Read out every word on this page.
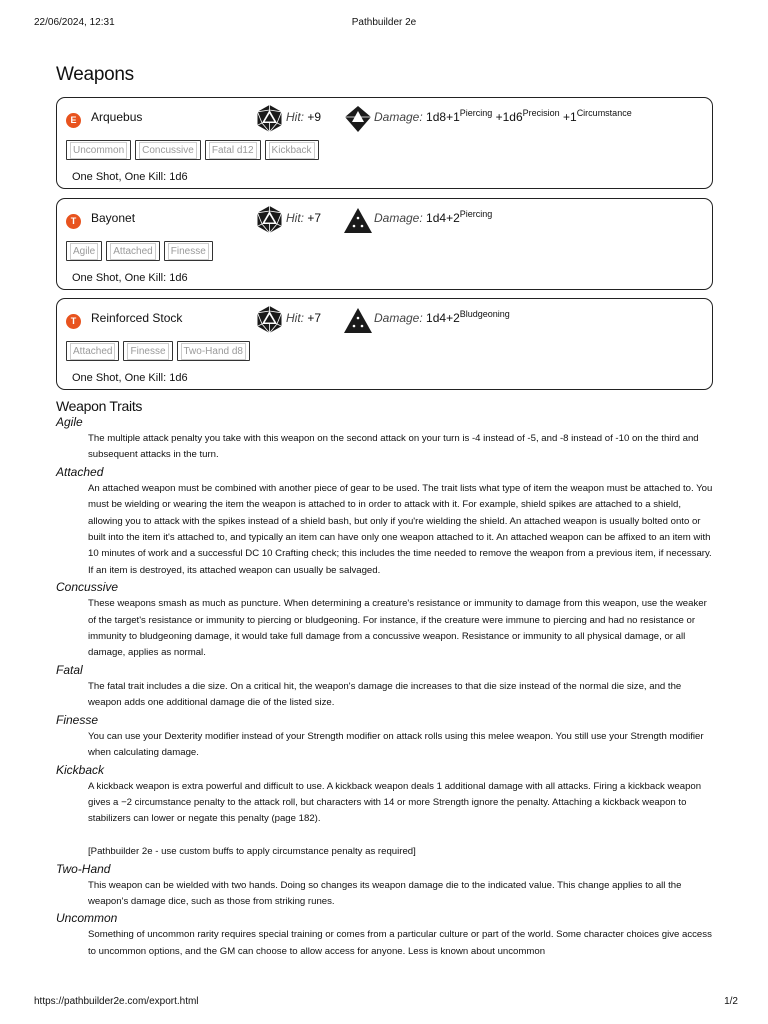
22/06/2024, 12:31	Pathbuilder 2e
Weapons
E	Arquebus	Hit: +9	Damage: $1d8+1^{Piercing} +1d6^{Precision} +1^{Circumstance}$
Uncommon	Concussive	Fatal d12	Kickback
One Shot, One Kill: 1d6
T	Bayonet	Hit: +7	Damage: $1d4+2^{Piercing}$
Agile	Attached	Finesse
One Shot, One Kill: 1d6
T	Reinforced Stock	Hit: +7	Damage: $1d4+2^{Bludgeoning}$
Attached	Finesse	Two-Hand d8
One Shot, One Kill: 1d6
Weapon Traits
Agile

The multiple attack penalty you take with this weapon on the second attack on your turn is -4 instead of -5, and -8 instead of -10 on the third and subsequent attacks in the turn.

Attached

An attached weapon must be combined with another piece of gear to be used. The trait lists what type of item the weapon must be attached to. You must be wielding or wearing the item the weapon is attached to in order to attack with it. For example, shield spikes are attached to a shield, allowing you to attack with the spikes instead of a shield bash, but only if you're wielding the shield. An attached weapon is usually bolted onto or built into the item it's attached to, and typically an item can have only one weapon attached to it. An attached weapon can be affixed to an item with 10 minutes of work and a successful DC 10 Crafting check; this includes the time needed to remove the weapon from a previous item, if necessary. If an item is destroyed, its attached weapon can usually be salvaged.

Concussive

These weapons smash as much as puncture. When determining a creature's resistance or immunity to damage from this weapon, use the weaker of the target's resistance or immunity to piercing or bludgeoning. For instance, if the creature were immune to piercing and had no resistance or immunity to bludgeoning damage, it would take full damage from a concussive weapon. Resistance or immunity to all physical damage, or all damage, applies as normal.

Fatal

The fatal trait includes a die size. On a critical hit, the weapon's damage die increases to that die size instead of the normal die size, and the weapon adds one additional damage die of the listed size.

Finesse

You can use your Dexterity modifier instead of your Strength modifier on attack rolls using this melee weapon. You still use your Strength modifier when calculating damage.

Kickback

A kickback weapon is extra powerful and difficult to use. A kickback weapon deals 1 additional damage with all attacks. Firing a kickback weapon gives a −2 circumstance penalty to the attack roll, but characters with 14 or more Strength ignore the penalty. Attaching a kickback weapon to stabilizers can lower or negate this penalty (page 182).

[Pathbuilder 2e - use custom buffs to apply circumstance penalty as required]

Two-Hand

This weapon can be wielded with two hands. Doing so changes its weapon damage die to the indicated value. This change applies to all the weapon's damage dice, such as those from striking runes.

Uncommon

Something of uncommon rarity requires special training or comes from a particular culture or part of the world. Some character choices give access to uncommon options, and the GM can choose to allow access for anyone. Less is known about uncommon

https://pathbuilder2e.com/export.html	1/2
